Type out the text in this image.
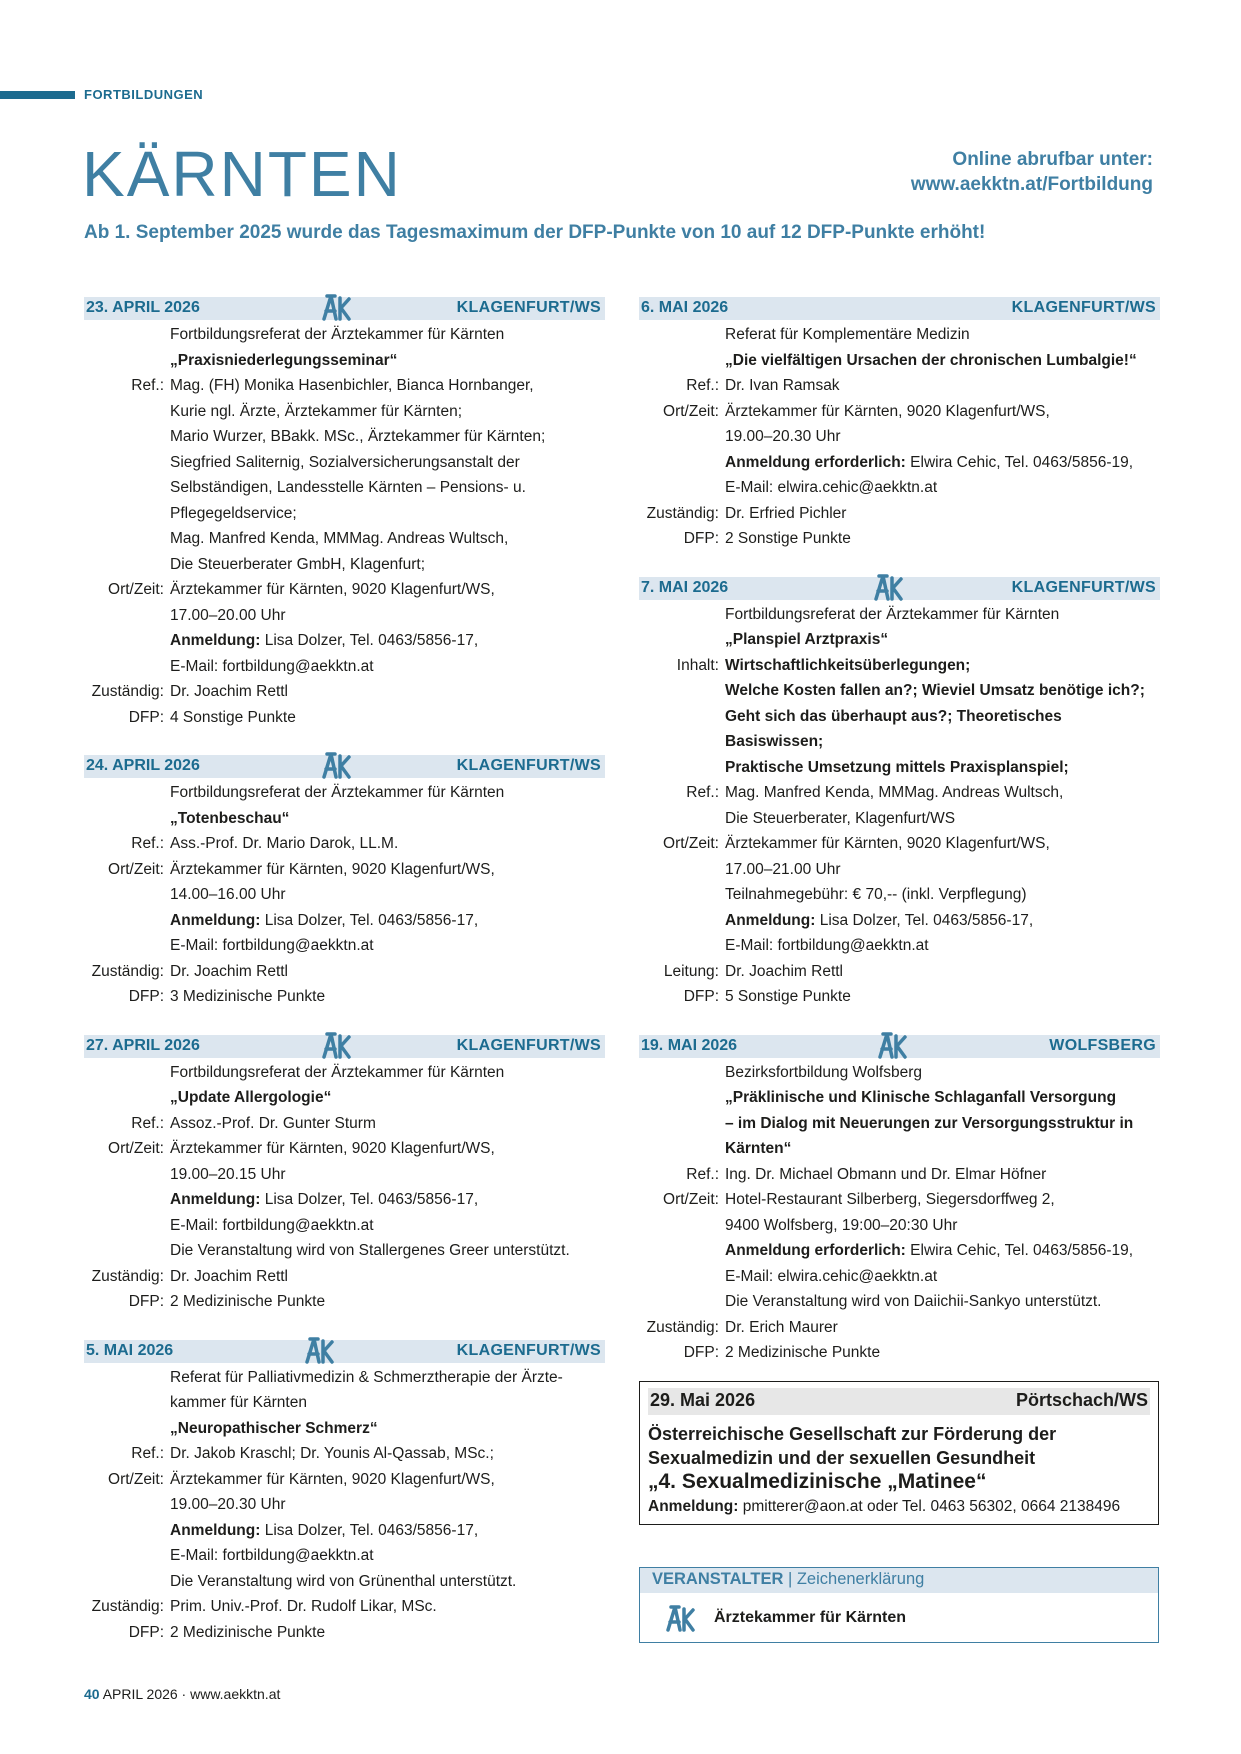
FORTBILDUNGEN
KÄRNTEN	Online abrufbar unter:
www.aekktn.at/Fortbildung
Ab 1. September 2025 wurde das Tagesmaximum der DFP-Punkte von 10 auf 12 DFP-Punkte erhöht!
23. APRIL 2026	KLAGENFURT/WS
Fortbildungsreferat der Ärztekammer für Kärnten
„Praxisniederlegungsseminar“
Ref.: Mag. (FH) Monika Hasenbichler, Bianca Hornbanger,
Kurie ngl. Ärzte, Ärztekammer für Kärnten;
Mario Wurzer, BBakk. MSc., Ärztekammer für Kärnten;
Siegfried Saliternig, Sozialversicherungsanstalt der
Selbständigen, Landesstelle Kärnten – Pensions- u.
Pflegegeldservice;
Mag. Manfred Kenda, MMMag. Andreas Wultsch,
Die Steuerberater GmbH, Klagenfurt;
Ort/Zeit: Ärztekammer für Kärnten, 9020 Klagenfurt/WS,
17.00–20.00 Uhr
Anmeldung: Lisa Dolzer, Tel. 0463/5856-17,
E-Mail: fortbildung@aekktn.at
Zuständig: Dr. Joachim Rettl
DFP: 4 Sonstige Punkte
24. APRIL 2026	KLAGENFURT/WS
Fortbildungsreferat der Ärztekammer für Kärnten
„Totenbeschau“
Ref.: Ass.-Prof. Dr. Mario Darok, LL.M.
Ort/Zeit: Ärztekammer für Kärnten, 9020 Klagenfurt/WS,
14.00–16.00 Uhr
Anmeldung: Lisa Dolzer, Tel. 0463/5856-17,
E-Mail: fortbildung@aekktn.at
Zuständig: Dr. Joachim Rettl
DFP: 3 Medizinische Punkte
27. APRIL 2026	KLAGENFURT/WS
Fortbildungsreferat der Ärztekammer für Kärnten
„Update Allergologie“
Ref.: Assoz.-Prof. Dr. Gunter Sturm
Ort/Zeit: Ärztekammer für Kärnten, 9020 Klagenfurt/WS,
19.00–20.15 Uhr
Anmeldung: Lisa Dolzer, Tel. 0463/5856-17,
E-Mail: fortbildung@aekktn.at
Die Veranstaltung wird von Stallergenes Greer unterstützt.
Zuständig: Dr. Joachim Rettl
DFP: 2 Medizinische Punkte
5. MAI 2026	KLAGENFURT/WS
Referat für Palliativmedizin & Schmerztherapie der Ärzte-
kammer für Kärnten
„Neuropathischer Schmerz“
Ref.: Dr. Jakob Kraschl; Dr. Younis Al-Qassab, MSc.;
Ort/Zeit: Ärztekammer für Kärnten, 9020 Klagenfurt/WS,
19.00–20.30 Uhr
Anmeldung: Lisa Dolzer, Tel. 0463/5856-17,
E-Mail: fortbildung@aekktn.at
Die Veranstaltung wird von Grünenthal unterstützt.
Zuständig: Prim. Univ.-Prof. Dr. Rudolf Likar, MSc.
DFP: 2 Medizinische Punkte
6. MAI 2026	KLAGENFURT/WS
Referat für Komplementäre Medizin
„Die vielfältigen Ursachen der chronischen Lumbalgie!“
Ref.: Dr. Ivan Ramsak
Ort/Zeit: Ärztekammer für Kärnten, 9020 Klagenfurt/WS,
19.00–20.30 Uhr
Anmeldung erforderlich: Elwira Cehic, Tel. 0463/5856-19,
E-Mail: elwira.cehic@aekktn.at
Zuständig: Dr. Erfried Pichler
DFP: 2 Sonstige Punkte
7. MAI 2026	KLAGENFURT/WS
Fortbildungsreferat der Ärztekammer für Kärnten
„Planspiel Arztpraxis“
Inhalt: Wirtschaftlichkeitsüberlegungen;
Welche Kosten fallen an?; Wieviel Umsatz benötige ich?;
Geht sich das überhaupt aus?; Theoretisches Basiswissen;
Praktische Umsetzung mittels Praxisplanspiel;
Ref.: Mag. Manfred Kenda, MMMag. Andreas Wultsch,
Die Steuerberater, Klagenfurt/WS
Ort/Zeit: Ärztekammer für Kärnten, 9020 Klagenfurt/WS,
17.00–21.00 Uhr
Teilnahmegebühr: € 70,-- (inkl. Verpflegung)
Anmeldung: Lisa Dolzer, Tel. 0463/5856-17,
E-Mail: fortbildung@aekktn.at
Leitung: Dr. Joachim Rettl
DFP: 5 Sonstige Punkte
19. MAI 2026	WOLFSBERG
Bezirksfortbildung Wolfsberg
„Präklinische und Klinische Schlaganfall Versorgung
– im Dialog mit Neuerungen zur Versorgungsstruktur in
Kärnten“
Ref.: Ing. Dr. Michael Obmann und Dr. Elmar Höfner
Ort/Zeit: Hotel-Restaurant Silberberg, Siegersdorffweg 2,
9400 Wolfsberg, 19:00–20:30 Uhr
Anmeldung erforderlich: Elwira Cehic, Tel. 0463/5856-19,
E-Mail: elwira.cehic@aekktn.at
Die Veranstaltung wird von Daiichii-Sankyo unterstützt.
Zuständig: Dr. Erich Maurer
DFP: 2 Medizinische Punkte
29. Mai 2026	Pörtschach/WS
Österreichische Gesellschaft zur Förderung der
Sexualmedizin und der sexuellen Gesundheit
„4. Sexualmedizinische „Matinee“
Anmeldung: pmitterer@aon.at oder Tel. 0463 56302, 0664 2138496
VERANSTALTER | Zeichenerklärung
Ärztekammer für Kärnten
40 APRIL 2026 · www.aekktn.at
